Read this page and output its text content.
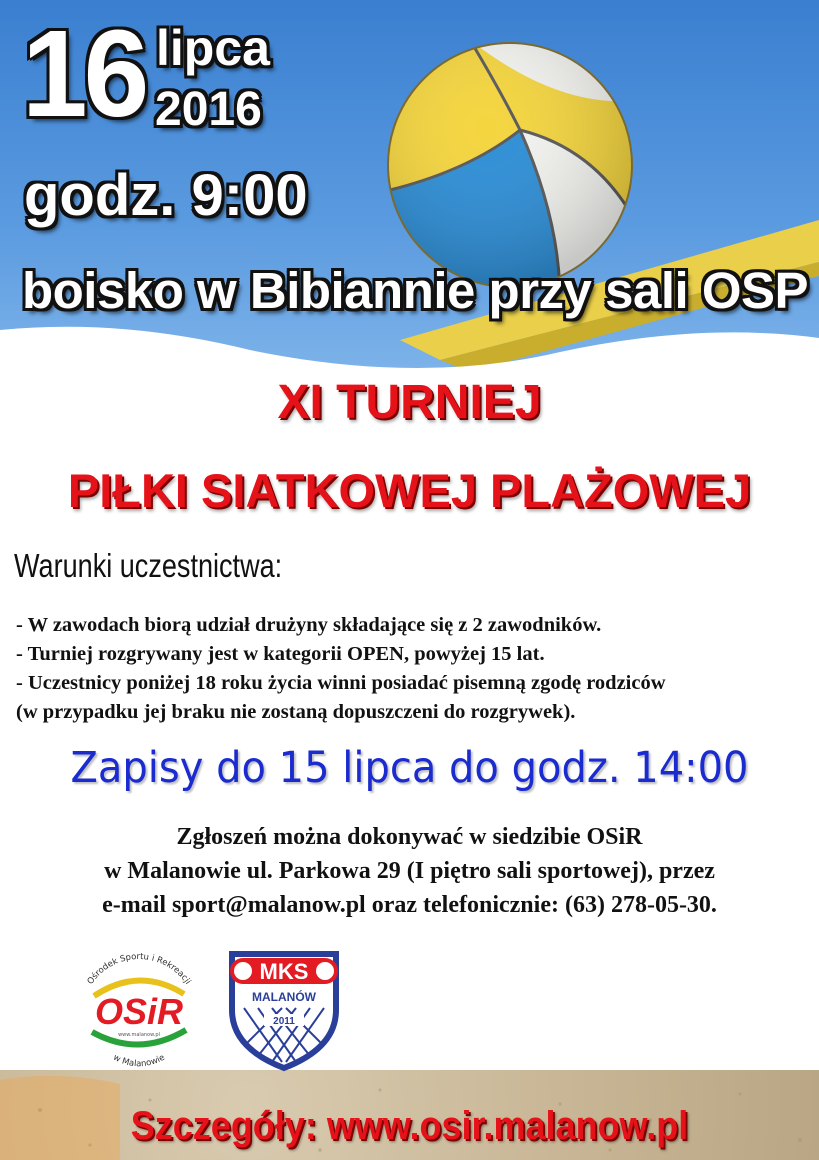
16 lipca
2016
godz. 9:00
boisko w Bibiannie przy sali OSP
XI TURNIEJ
PIŁKI SIATKOWEJ PLAŻOWEJ
Warunki uczestnictwa:
- W zawodach biorą udział drużyny składające się z 2 zawodników.
- Turniej rozgrywany jest w kategorii OPEN, powyżej 15 lat.
- Uczestnicy poniżej 18 roku życia winni posiadać pisemną zgodę rodziców
(w przypadku jej braku nie zostaną dopuszczeni do rozgrywek).
Zapisy do 15 lipca do godz. 14:00
Zgłoszeń można dokonywać w siedzibie OSiR
w Malanowie ul. Parkowa 29 (I piętro sali sportowej), przez
e-mail sport@malanow.pl oraz telefonicznie: (63) 278-05-30.
Ośrodek Sportu i Rekreacji
w Malanowie
OSiR
www.malanow.pl
MKS
MALANÓW
2011
Szczegóły: www.osir.malanow.pl
